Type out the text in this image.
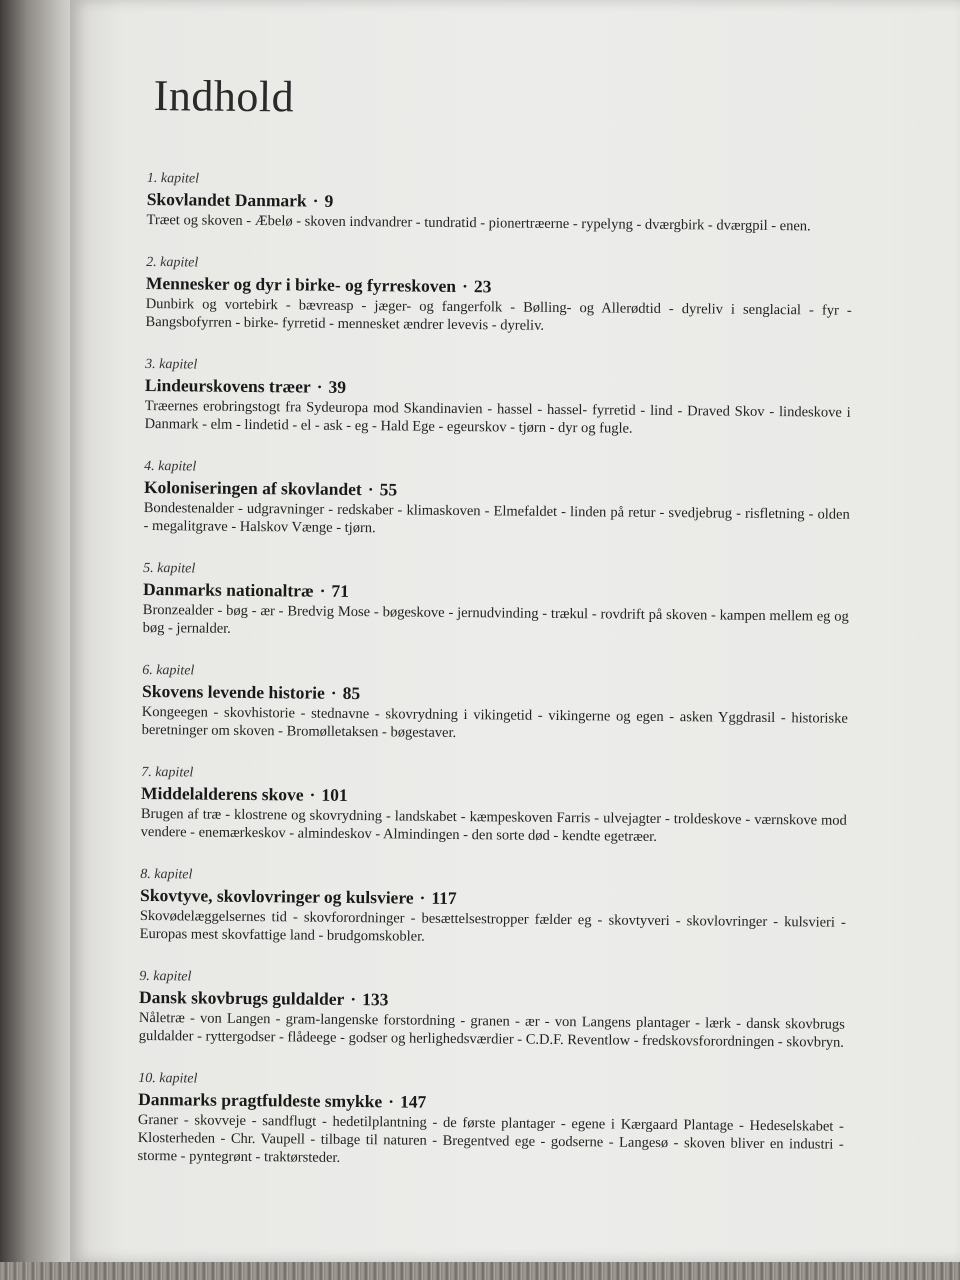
Indhold
1. kapitel
Skovlandet Danmark · 9
Træet og skoven - Æbelø - skoven indvandrer - tundratid - pionertræerne - rypelyng - dværgbirk - dværgpil - enen.
2. kapitel
Mennesker og dyr i birke- og fyrreskoven · 23
Dunbirk og vortebirk - bævreasp - jæger- og fangerfolk - Bølling- og Allerødtid - dyreliv i senglacial - fyr - Bangsbofyrren - birke- fyrretid - mennesket ændrer levevis - dyreliv.
3. kapitel
Lindeurskovens træer · 39
Træernes erobringstogt fra Sydeuropa mod Skandinavien - hassel - hassel- fyrretid - lind - Draved Skov - lindeskove i Danmark - elm - lindetid - el - ask - eg - Hald Ege - egeurskov - tjørn - dyr og fugle.
4. kapitel
Koloniseringen af skovlandet · 55
Bondestenalder - udgravninger - redskaber - klimaskoven - Elmefaldet - linden på retur - svedjebrug - risfletning - olden - megalitgrave - Halskov Vænge - tjørn.
5. kapitel
Danmarks nationaltræ · 71
Bronzealder - bøg - ær - Bredvig Mose - bøgeskove - jernudvinding - trækul - rovdrift på skoven - kampen mellem eg og bøg - jernalder.
6. kapitel
Skovens levende historie · 85
Kongeegen - skovhistorie - stednavne - skovrydning i vikingetid - vikingerne og egen - asken Yggdrasil - historiske beretninger om skoven - Bromølletaksen - bøgestaver.
7. kapitel
Middelalderens skove · 101
Brugen af træ - klostrene og skovrydning - landskabet - kæmpeskoven Farris - ulvejagter - troldeskove - værnskove mod vendere - enemærkeskov - almindeskov - Almindingen - den sorte død - kendte egetræer.
8. kapitel
Skovtyve, skovlovringer og kulsviere · 117
Skovødelæggelsernes tid - skovforordninger - besættelsestropper fælder eg - skovtyveri - skovlovringer - kulsvieri - Europas mest skovfattige land - brudgomskobler.
9. kapitel
Dansk skovbrugs guldalder · 133
Nåletræ - von Langen - gram-langenske forstordning - granen - ær - von Langens plantager - lærk - dansk skovbrugs guldalder - ryttergodser - flådeege - godser og herlighedsværdier - C.D.F. Reventlow - fredskovsforordningen - skovbryn.
10. kapitel
Danmarks pragtfuldeste smykke · 147
Graner - skovveje - sandflugt - hedetilplantning - de første plantager - egene i Kærgaard Plantage - Hedeselskabet - Klosterheden - Chr. Vaupell - tilbage til naturen - Bregentved ege - godserne - Langesø - skoven bliver en industri - storme - pyntegrønt - traktørsteder.
